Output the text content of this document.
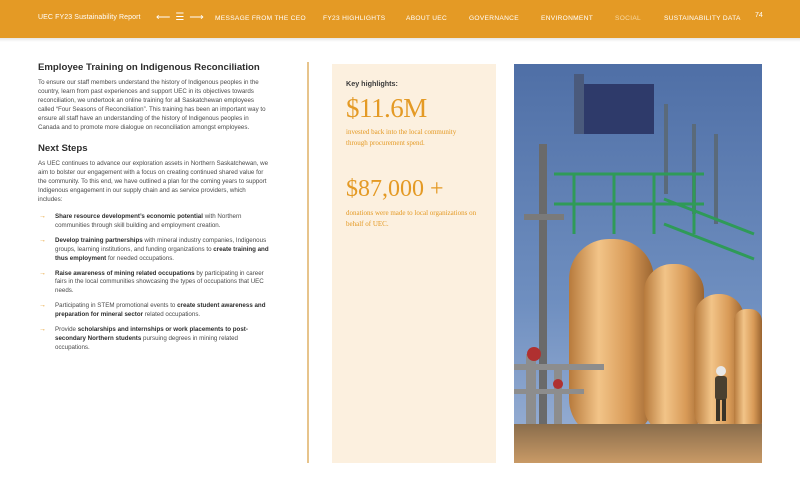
UEC FY23 Sustainability Report ⟵ ☰ ⟶ MESSAGE FROM THE CEO	FY23 HIGHLIGHTS	ABOUT UEC	GOVERNANCE	ENVIRONMENT	SOCIAL	SUSTAINABILITY DATA 74
Employee Training on Indigenous Reconciliation

To ensure our staff members understand the history of Indigenous peoples in the country, learn from past experiences and support UEC in its objectives towards reconciliation, we undertook an online training for all Saskatchewan employees called “Four Seasons of Reconciliation”. This training has been an important way to ensure all staff have an understanding of the history of Indigenous peoples in Canada and to promote more dialogue on reconciliation amongst employees.

Next Steps

As UEC continues to advance our exploration assets in Northern Saskatchewan, we aim to bolster our engagement with a focus on creating continued shared value for the community. To this end, we have outlined a plan for the coming years to support Indigenous engagement in our supply chain and as service providers, which includes:

→ Share resource development’s economic potential with Northern communities through skill building and employment creation.
→ Develop training partnerships with mineral industry companies, Indigenous groups, learning institutions, and funding organizations to create training and thus employment for needed occupations.
→ Raise awareness of mining related occupations by participating in career fairs in the local communities showcasing the types of occupations that UEC needs.
→ Participating in STEM promotional events to create student awareness and preparation for mineral sector related occupations.
→ Provide scholarships and internships or work placements to post-secondary Northern students pursuing degrees in mining related occupations.
Key highlights:
$11.6M
invested back into the local community through procurement spend.
$87,000 +
donations were made to local organizations on behalf of UEC.
